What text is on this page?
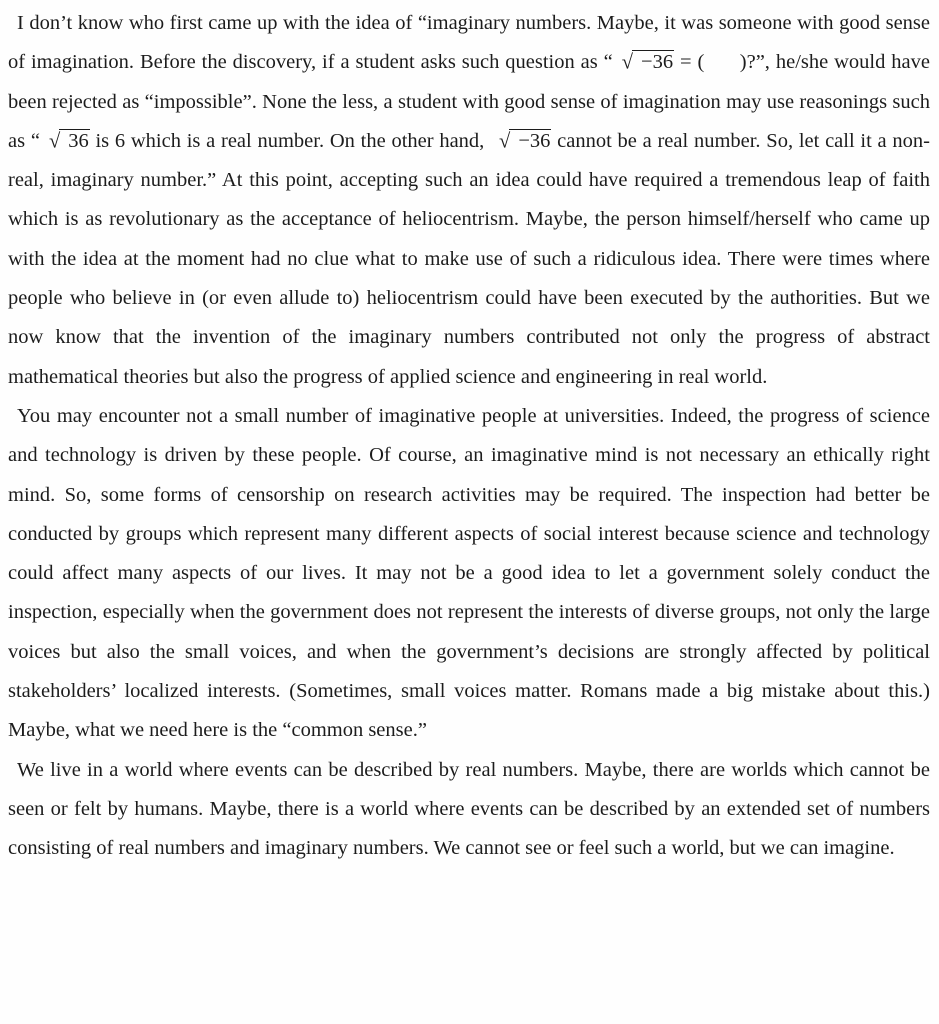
I don’t know who first came up with the idea of “imaginary numbers. Maybe, it was someone with good sense of imagination. Before the discovery, if a student asks such question as “ √ −36 = (      )?”, he/she would have been rejected as “impossible”. None the less, a student with good sense of imagination may use reasonings such as “ √ 36 is 6 which is a real number. On the other hand, √ −36 cannot be a real number. So, let call it a non-real, imaginary number.” At this point, accepting such an idea could have required a tremendous leap of faith which is as revolutionary as the acceptance of heliocentrism. Maybe, the person himself/herself who came up with the idea at the moment had no clue what to make use of such a ridiculous idea. There were times where people who believe in (or even allude to) heliocentrism could have been executed by the authorities. But we now know that the invention of the imaginary numbers contributed not only the progress of abstract mathematical theories but also the progress of applied science and engineering in real world.

You may encounter not a small number of imaginative people at universities. Indeed, the progress of science and technology is driven by these people. Of course, an imaginative mind is not necessary an ethically right mind. So, some forms of censorship on research activities may be required. The inspection had better be conducted by groups which represent many different aspects of social interest because science and technology could affect many aspects of our lives. It may not be a good idea to let a government solely conduct the inspection, especially when the government does not represent the interests of diverse groups, not only the large voices but also the small voices, and when the government’s decisions are strongly affected by political stakeholders’ localized interests. (Sometimes, small voices matter. Romans made a big mistake about this.) Maybe, what we need here is the “common sense.”

We live in a world where events can be described by real numbers. Maybe, there are worlds which cannot be seen or felt by humans. Maybe, there is a world where events can be described by an extended set of numbers consisting of real numbers and imaginary numbers. We cannot see or feel such a world, but we can imagine.
